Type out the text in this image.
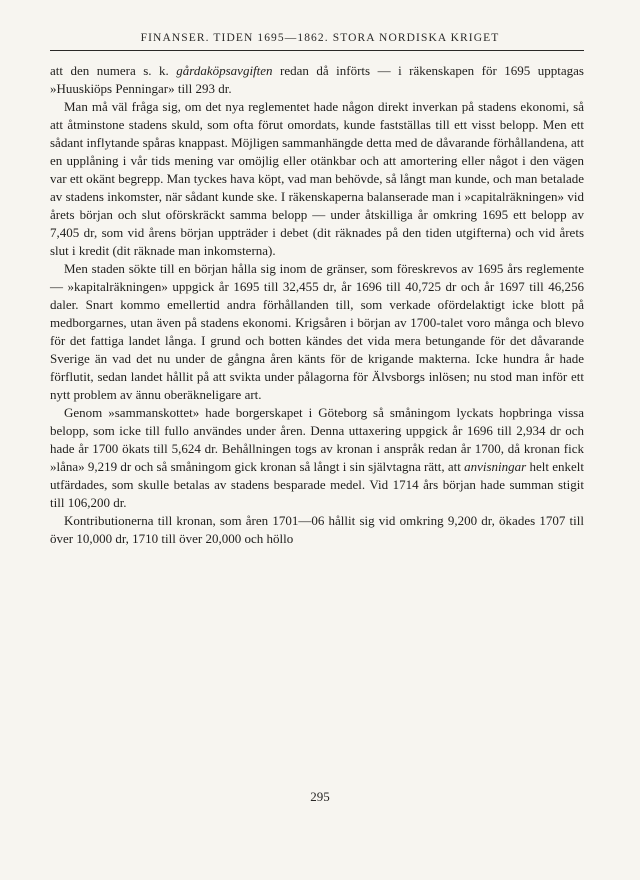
FINANSER. TIDEN 1695—1862. STORA NORDISKA KRIGET

att den numera s. k. gårdaköpsavgiften redan då införts — i räkenskapen för 1695 upptagas »Huuskiöps Penningar» till 293 dr.

Man må väl fråga sig, om det nya reglementet hade någon direkt inverkan på stadens ekonomi, så att åtminstone stadens skuld, som ofta förut omordats, kunde fastställas till ett visst belopp. Men ett sådant inflytande spåras knappast. Möjligen sammanhängde detta med de dåvarande förhållandena, att en upplåning i vår tids mening var omöjlig eller otänkbar och att amortering eller något i den vägen var ett okänt begrepp. Man tyckes hava köpt, vad man behövde, så långt man kunde, och man betalade av stadens inkomster, när sådant kunde ske. I räkenskaperna balanserade man i »capitalräkningen» vid årets början och slut oförskräckt samma belopp — under åtskilliga år omkring 1695 ett belopp av 7,405 dr, som vid årens början uppträder i debet (dit räknades på den tiden utgifterna) och vid årets slut i kredit (dit räknade man inkomsterna).

Men staden sökte till en början hålla sig inom de gränser, som föreskrevos av 1695 års reglemente — »kapitalräkningen» uppgick år 1695 till 32,455 dr, år 1696 till 40,725 dr och år 1697 till 46,256 daler. Snart kommo emellertid andra förhållanden till, som verkade ofördelaktigt icke blott på medborgarnes, utan även på stadens ekonomi. Krigsåren i början av 1700-talet voro många och blevo för det fattiga landet långa. I grund och botten kändes det vida mera betungande för det dåvarande Sverige än vad det nu under de gångna åren känts för de krigande makterna. Icke hundra år hade förflutit, sedan landet hållit på att svikta under pålagorna för Älvsborgs inlösen; nu stod man inför ett nytt problem av ännu oberäkneligare art.

Genom »sammanskottet» hade borgerskapet i Göteborg så småningom lyckats hopbringa vissa belopp, som icke till fullo användes under åren. Denna uttaxering uppgick år 1696 till 2,934 dr och hade år 1700 ökats till 5,624 dr. Behållningen togs av kronan i anspråk redan år 1700, då kronan fick »låna» 9,219 dr och så småningom gick kronan så långt i sin självtagna rätt, att anvisningar helt enkelt utfärdades, som skulle betalas av stadens besparade medel. Vid 1714 års början hade summan stigit till 106,200 dr.

Kontributionerna till kronan, som åren 1701—06 hållit sig vid omkring 9,200 dr, ökades 1707 till över 10,000 dr, 1710 till över 20,000 och höllo

295
